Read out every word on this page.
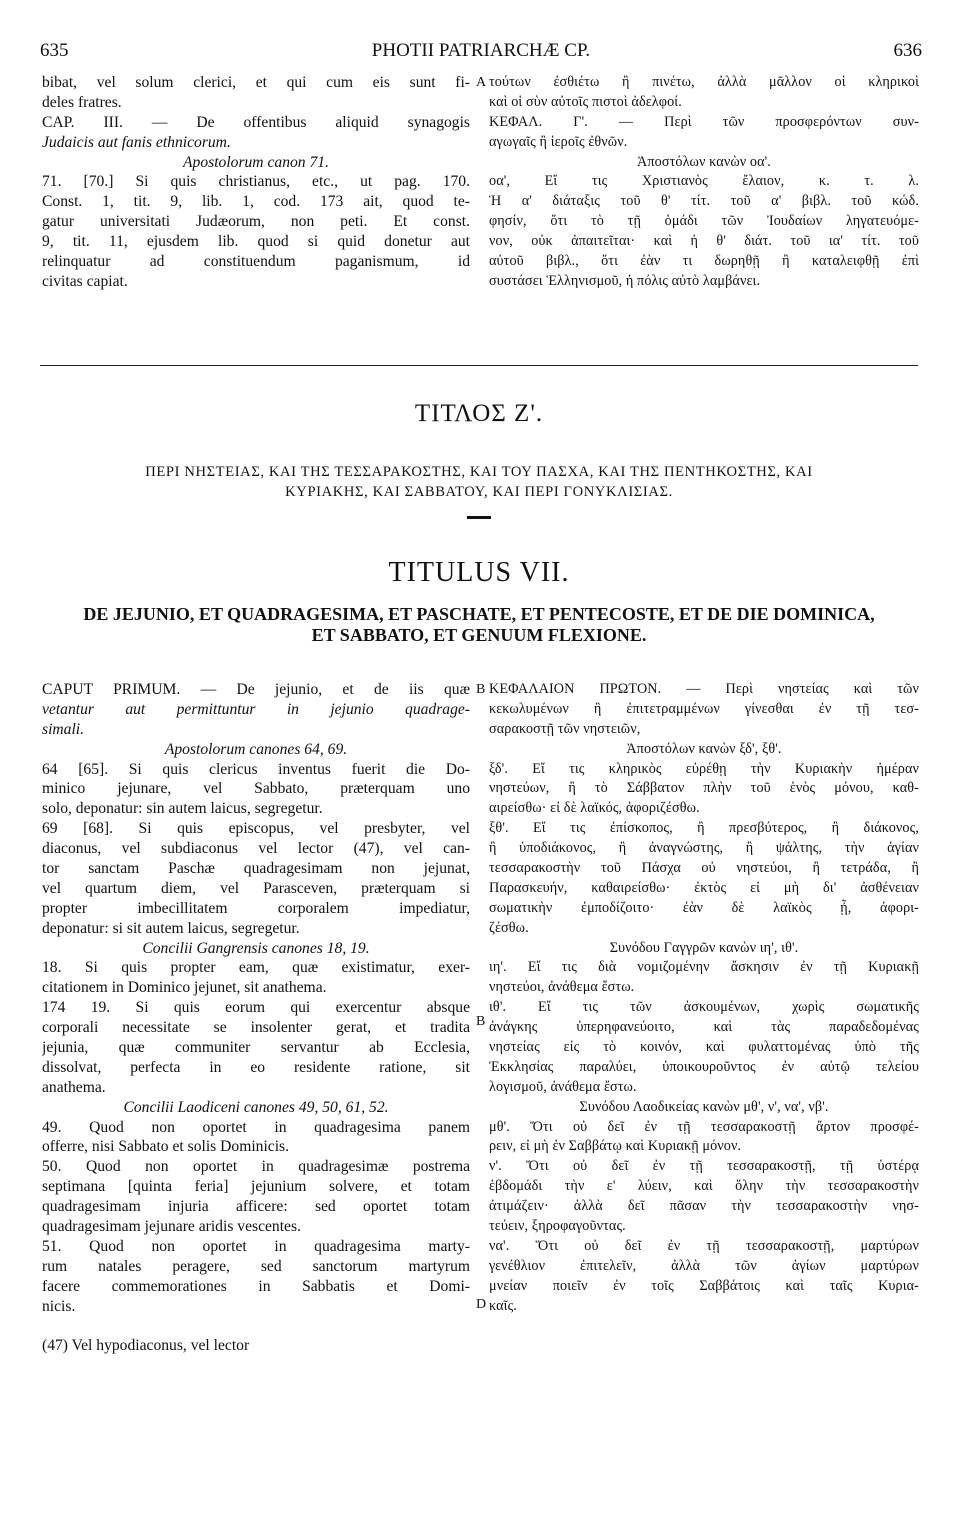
635	PHOTII PATRIARCHÆ CP.	636
bibat, vel solum clerici, et qui cum eis sunt fi-
deles fratres.
CAP. III. — De offentibus aliquid synagogis
Judaicis aut fanis ethnicorum.
Apostolorum canon 71.
71. [70.] Si quis christianus, etc., ut pag. 170.
Const. 1, tit. 9, lib. 1, cod. 173 ait, quod te-
gatur universitati Judæorum, non peti. Et const.
9, tit. 11, ejusdem lib. quod si quid donetur aut
relinquatur ad constituendum paganismum, id
civitas capiat.
A τούτων ἐσθιέτω ἢ πινέτω, ἀλλὰ μᾶλλον οἱ κληρικοὶ
καὶ οἱ σὺν αὐτοῖς πιστοὶ ἀδελφοί.
ΚΕΦΑΛ. Γ'. — Περὶ τῶν προσφερόντων συν-
αγωγαῖς ἢ ἱεροῖς ἐθνῶν.
Ἀποστόλων κανὼν οα'.
οα', Εἴ τις Χριστιανὸς ἔλαιον, κ. τ. λ.
Ἡ α' διάταξις τοῦ θ' τίτ. τοῦ α' βιβλ. τοῦ κώδ.
φησίν, ὅτι τὸ τῇ ὁμάδι τῶν Ἰουδαίων ληγατευόμε-
νον, οὐκ ἀπαιτεῖται· καὶ ἡ θ' διάτ. τοῦ ια' τίτ. τοῦ
αὐτοῦ βιβλ., ὅτι ἐὰν τι δωρηθῇ ἢ καταλειφθῇ ἐπὶ
συστάσει Ἑλληνισμοῦ, ἡ πόλις αὐτὸ λαμβάνει.
ΤΙΤΛΟΣ Ζ'.
ΠΕΡΙ ΝΗΣΤΕΙΑΣ, ΚΑΙ ΤΗΣ ΤΕΣΣΑΡΑΚΟΣΤΗΣ, ΚΑΙ ΤΟΥ ΠΑΣΧΑ, ΚΑΙ ΤΗΣ ΠΕΝΤΗΚΟΣΤΗΣ, ΚΑΙ
ΚΥΡΙΑΚΗΣ, ΚΑΙ ΣΑΒΒΑΤΟΥ, ΚΑΙ ΠΕΡΙ ΓΟΝΥΚΛΙΣΙΑΣ.
TITULUS VII.
DE JEJUNIO, ET QUADRAGESIMA, ET PASCHATE, ET PENTECOSTE, ET DE DIE DOMINICA,
ET SABBATO, ET GENUUM FLEXIONE.
CAPUT PRIMUM. — De jejunio, et de iis quæ
vetantur aut permittuntur in jejunio quadrage-
simali.
Apostolorum canones 64, 69.
64 [65]. Si quis clericus inventus fuerit die Do-
minico jejunare, vel Sabbato, præterquam uno
solo, deponatur: sin autem laicus, segregetur.
69 [68]. Si quis episcopus, vel presbyter, vel
diaconus, vel subdiaconus vel lector (47), vel can-
tor sanctam Paschæ quadragesimam non jejunat,
vel quartum diem, vel Parasceven, præterquam si
propter imbecillitatem corporalem impediatur,
deponatur: si sit autem laicus, segregetur.
Concilii Gangrensis canones 18, 19.
18. Si quis propter eam, quæ existimatur, exer-
citationem in Dominico jejunet, sit anathema.
174 19. Si quis eorum qui exercentur absque
corporali necessitate se insolenter gerat, et tradita
jejunia, quæ communiter servantur ab Ecclesia,
dissolvat, perfecta in eo residente ratione, sit
anathema.
Concilii Laodiceni canones 49, 50, 61, 52.
49. Quod non oportet in quadragesima panem
offerre, nisi Sabbato et solis Dominicis.
50. Quod non oportet in quadragesimæ postrema
septimana [quinta feria] jejunium solvere, et totam
quadragesimam injuria afficere: sed oportet totam
quadragesimam jejunare aridis vescentes.
51. Quod non oportet in quadragesima marty-
rum natales peragere, sed sanctorum martyrum
facere commemorationes in Sabbatis et Domi-
nicis.
(47) Vel hypodiaconus, vel lector
ΚΕΦΑΛΑΙΟΝ ΠΡΩΤΟΝ. — Περὶ νηστείας καὶ τῶν
κεκωλυμένων ἢ ἐπιτετραμμένων γίνεσθαι ἐν τῇ τεσ-
σαρακοστῇ τῶν νηστειῶν,
Ἀποστόλων κανὼν ξδ', ξθ'.
ξδ'. Εἴ τις κληρικὸς εὑρέθῃ τὴν Κυριακὴν ἡμέραν
νηστεύων, ἢ τὸ Σάββατον πλὴν τοῦ ἑνὸς μόνου, καθ-
αιρείσθω· εἰ δὲ λαϊκός, ἀφοριζέσθω.
ξθ'. Εἴ τις ἐπίσκοπος, ἢ πρεσβύτερος, ἢ διάκονος,
ἢ ὑποδιάκονος, ἢ ἀναγνώστης, ἢ ψάλτης, τὴν ἁγίαν
τεσσαρακοστὴν τοῦ Πάσχα οὐ νηστεύοι, ἢ τετράδα, ἢ
Παρασκευήν, καθαιρείσθω· ἐκτὸς εἰ μὴ δι' ἀσθένειαν
σωματικὴν ἐμποδίζοιτο· ἐὰν δὲ λαϊκὸς ᾖ, ἀφορι-
ζέσθω.
Συνόδου Γαγγρῶν κανὼν ιη', ιθ'.
ιη'. Εἴ τις διὰ νομιζομένην ἄσκησιν ἐν τῇ Κυριακῇ
νηστεύοι, ἀνάθεμα ἔστω.
ιθ'. Εἴ τις τῶν ἀσκουμένων, χωρὶς σωματικῆς
ἀνάγκης ὑπερηφανεύοιτο, καὶ τὰς παραδεδομένας
νηστείας εἰς τὸ κοινόν, καὶ φυλαττομένας ὑπὸ τῆς
Ἐκκλησίας παραλύει, ὑποικουροῦντος ἐν αὐτῷ τελείου
λογισμοῦ, ἀνάθεμα ἔστω.
Συνόδου Λαοδικείας κανὼν μθ', ν', να', νβ'.
μθ'. Ὅτι οὐ δεῖ ἐν τῇ τεσσαρακοστῇ ἄρτον προσφέ-
ρειν, εἰ μὴ ἐν Σαββάτῳ καὶ Κυριακῇ μόνον.
ν'. Ὅτι οὐ δεῖ ἐν τῇ τεσσαρακοστῇ, τῇ ὑστέρᾳ
ἑβδομάδι τὴν ε' λύειν, καὶ ὅλην τὴν τεσσαρακοστὴν
ἀτιμάζειν· ἀλλὰ δεῖ πᾶσαν τὴν τεσσαρακοστὴν νησ-
τεύειν, ξηροφαγοῦντας.
να'. Ὅτι οὐ δεῖ ἐν τῇ τεσσαρακοστῇ, μαρτύρων
γενέθλιον ἐπιτελεῖν, ἀλλὰ τῶν ἁγίων μαρτύρων
μνείαν ποιεῖν ἐν τοῖς Σαββάτοις καὶ ταῖς Κυρια-
καῖς.
B
B
D
